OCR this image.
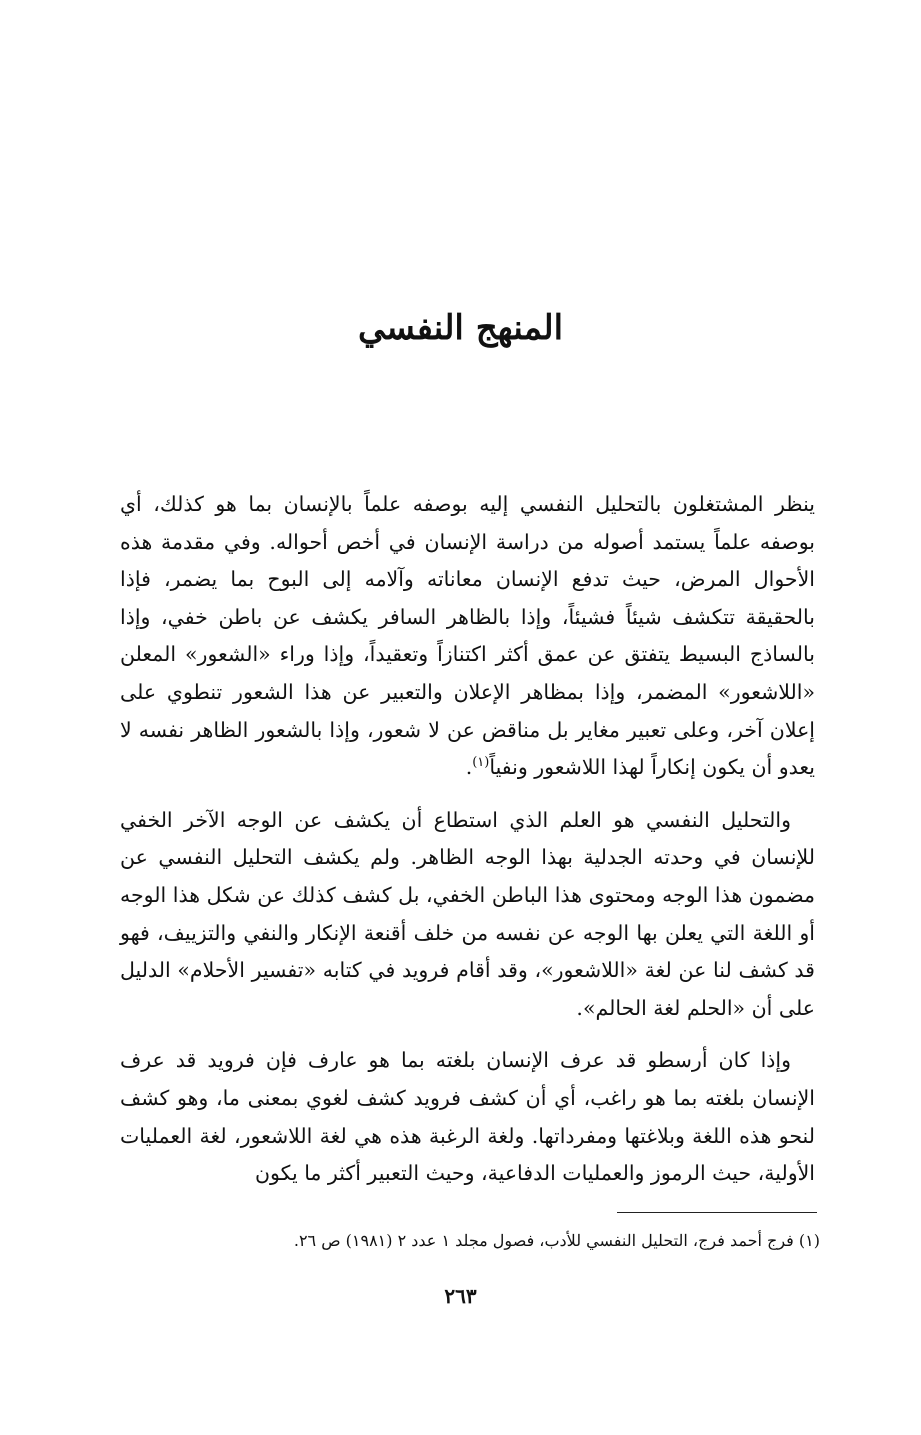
المنهج النفسي

ينظر المشتغلون بالتحليل النفسي إليه بوصفه علماً بالإنسان بما هو كذلك، أي بوصفه علماً يستمد أصوله من دراسة الإنسان في أخص أحواله. وفي مقدمة هذه الأحوال المرض، حيث تدفع الإنسان معاناته وآلامه إلى البوح بما يضمر، فإذا بالحقيقة تتكشف شيئاً فشيئاً، وإذا بالظاهر السافر يكشف عن باطن خفي، وإذا بالساذج البسيط يتفتق عن عمق أكثر اكتنازاً وتعقيداً، وإذا وراء «الشعور» المعلن «اللاشعور» المضمر، وإذا بمظاهر الإعلان والتعبير عن هذا الشعور تنطوي على إعلان آخر، وعلى تعبير مغاير بل مناقض عن لا شعور، وإذا بالشعور الظاهر نفسه لا يعدو أن يكون إنكاراً لهذا اللاشعور ونفياً$^{(١)}$.

والتحليل النفسي هو العلم الذي استطاع أن يكشف عن الوجه الآخر الخفي للإنسان في وحدته الجدلية بهذا الوجه الظاهر. ولم يكشف التحليل النفسي عن مضمون هذا الوجه ومحتوى هذا الباطن الخفي، بل كشف كذلك عن شكل هذا الوجه أو اللغة التي يعلن بها الوجه عن نفسه من خلف أقنعة الإنكار والنفي والتزييف، فهو قد كشف لنا عن لغة «اللاشعور»، وقد أقام فرويد في كتابه «تفسير الأحلام» الدليل على أن «الحلم لغة الحالم».

وإذا كان أرسطو قد عرف الإنسان بلغته بما هو عارف فإن فرويد قد عرف الإنسان بلغته بما هو راغب، أي أن كشف فرويد كشف لغوي بمعنى ما، وهو كشف لنحو هذه اللغة وبلاغتها ومفرداتها. ولغة الرغبة هذه هي لغة اللاشعور، لغة العمليات الأولية، حيث الرموز والعمليات الدفاعية، وحيث التعبير أكثر ما يكون

(١) فرج أحمد فرج، التحليل النفسي للأدب، فصول مجلد ١ عدد ٢ (١٩٨١) ص ٢٦.

٢٦٣
